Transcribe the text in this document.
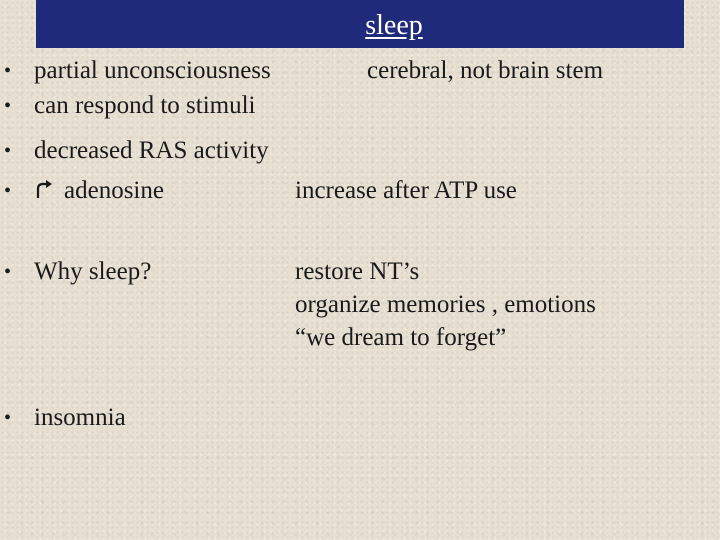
sleep
• partial unconsciousness	cerebral, not brain stem
• can respond to stimuli
• decreased RAS activity
•	adenosine	increase after ATP use
• Why sleep?	restore NT’s
organize memories , emotions
“we dream to forget”
• insomnia
